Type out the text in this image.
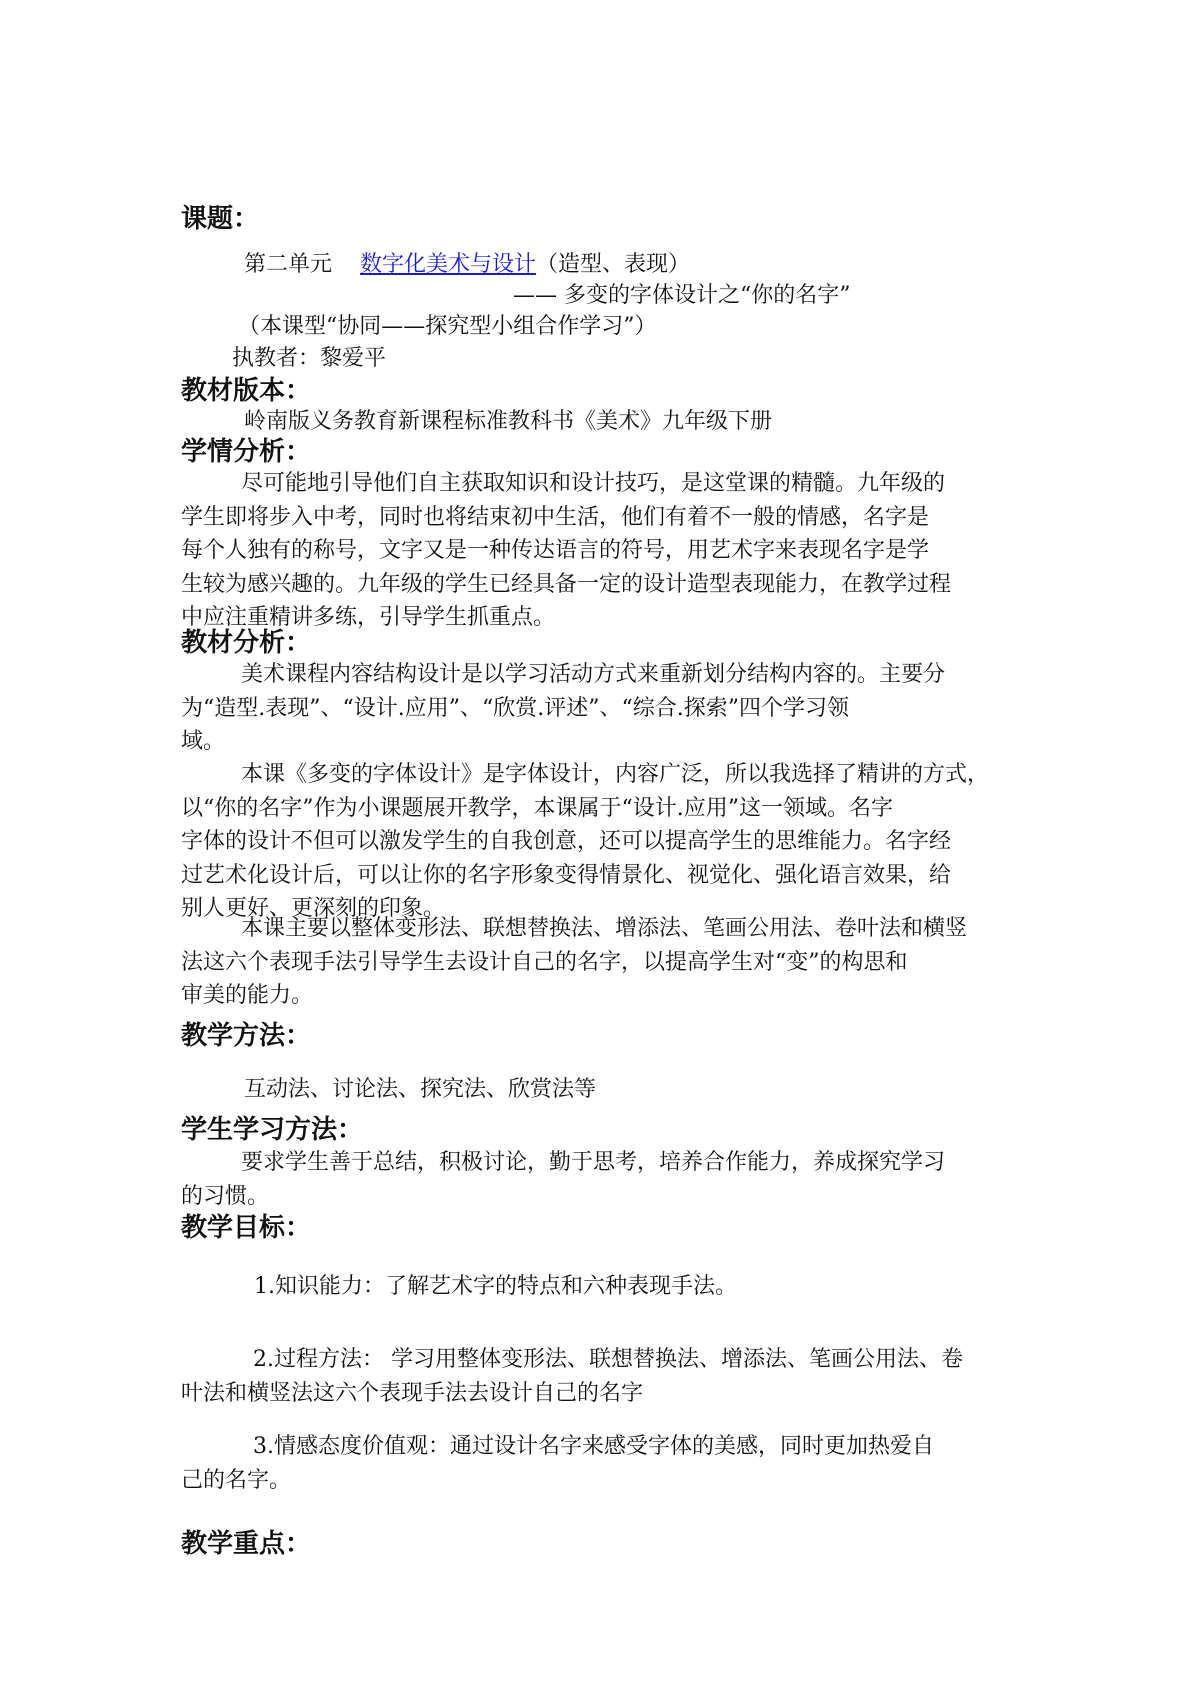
课题：

第二单元 数字化美术与设计（造型、表现）

—— 多变的字体设计之“你的名字”

（本课型“协同——探究型小组合作学习”）

执教者：黎爱平

教材版本：

岭南版义务教育新课程标准教科书《美术》九年级下册

学情分析：
尽可能地引导他们自主获取知识和设计技巧，是这堂课的精髓。九年级的
学生即将步入中考，同时也将结束初中生活，他们有着不一般的情感，名字是
每个人独有的称号，文字又是一种传达语言的符号，用艺术字来表现名字是学
生较为感兴趣的。九年级的学生已经具备一定的设计造型表现能力，在教学过程
中应注重精讲多练，引导学生抓重点。
教材分析：
美术课程内容结构设计是以学习活动方式来重新划分结构内容的。主要分
为“造型.表现”、“设计.应用”、“欣赏.评述”、“综合.探索”四个学习领
域。
本课《多变的字体设计》是字体设计，内容广泛，所以我选择了精讲的方式，
以“你的名字”作为小课题展开教学，本课属于“设计.应用”这一领域。名字
字体的设计不但可以激发学生的自我创意，还可以提高学生的思维能力。名字经
过艺术化设计后，可以让你的名字形象变得情景化、视觉化、强化语言效果，给
别人更好、更深刻的印象。
本课主要以整体变形法、联想替换法、增添法、笔画公用法、卷叶法和横竖
法这六个表现手法引导学生去设计自己的名字，以提高学生对“变”的构思和
审美的能力。
教学方法：

互动法、讨论法、探究法、欣赏法等

学生学习方法：
要求学生善于总结，积极讨论，勤于思考，培养合作能力，养成探究学习
的习惯。
教学目标：

1.知识能力：了解艺术字的特点和六种表现手法。

2.过程方法： 学习用整体变形法、联想替换法、增添法、笔画公用法、卷
叶法和横竖法这六个表现手法去设计自己的名字
3.情感态度价值观：通过设计名字来感受字体的美感，同时更加热爱自
己的名字。
教学重点：
